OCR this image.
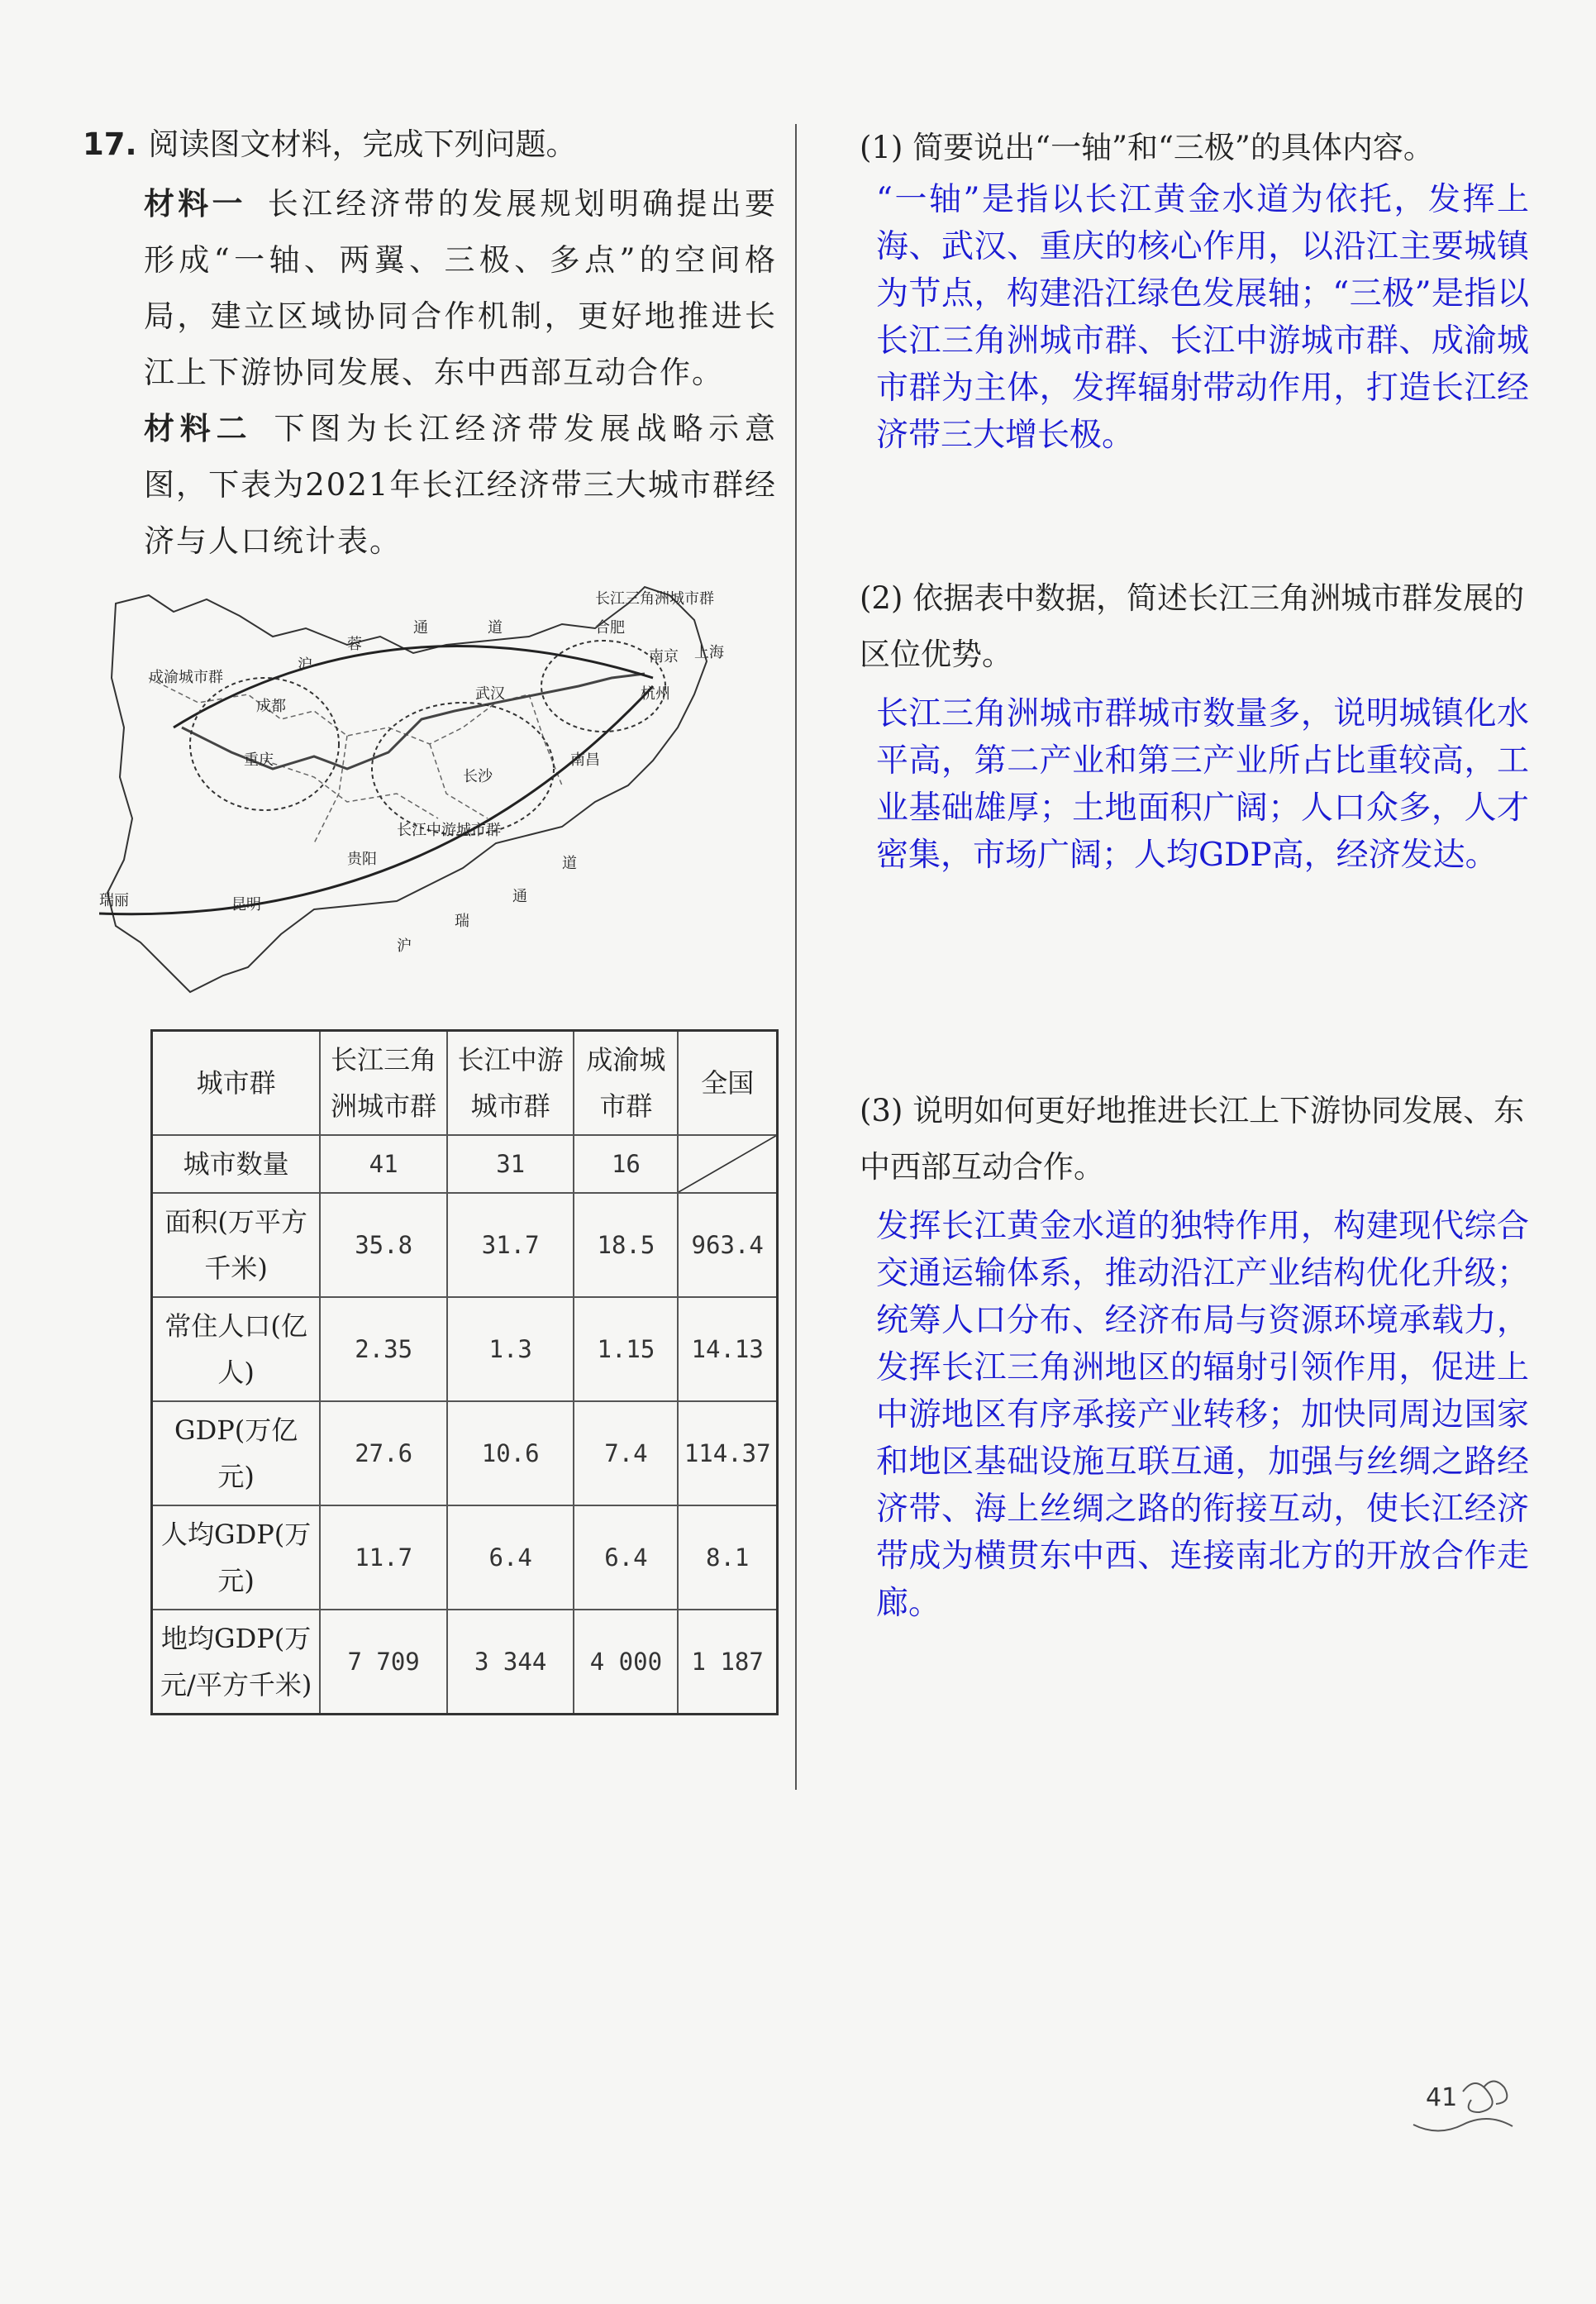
17. 阅读图文材料，完成下列问题。
材料一 长江经济带的发展规划明确提出要形成“一轴、两翼、三极、多点”的空间格局，建立区域协同合作机制，更好地推进长江上下游协同发展、东中西部互动合作。
材料二 下图为长江经济带发展战略示意图，下表为2021年长江经济带三大城市群经济与人口统计表。
长江三角洲城市群
成渝城市群
长江中游城市群
沪
蓉
通	道
沪
瑞
通
道
成都
重庆
贵阳
昆明
瑞丽
武汉
长沙
南昌
合肥
南京
杭州
上海
城市群	长江三角洲城市群	长江中游城市群	成渝城市群	全国
城市数量	41	31	16	

面积(万平方千米)	35.8	31.7	18.5	963.4
常住人口(亿人)	2.35	1.3	1.15	14.13
GDP(万亿元)	27.6	10.6	7.4	114.37
人均GDP(万元)	11.7	6.4	6.4	8.1
地均GDP(万元/平方千米)	7 709	3 344	4 000	1 187
(1) 简要说出“一轴”和“三极”的具体内容。
“一轴”是指以长江黄金水道为依托，发挥上海、武汉、重庆的核心作用，以沿江主要城镇为节点，构建沿江绿色发展轴；“三极”是指以长江三角洲城市群、长江中游城市群、成渝城市群为主体，发挥辐射带动作用，打造长江经济带三大增长极。
(2) 依据表中数据，简述长江三角洲城市群发展的区位优势。
长江三角洲城市群城市数量多，说明城镇化水平高，第二产业和第三产业所占比重较高，工业基础雄厚；土地面积广阔；人口众多，人才密集，市场广阔；人均GDP高，经济发达。
(3) 说明如何更好地推进长江上下游协同发展、东中西部互动合作。
发挥长江黄金水道的独特作用，构建现代综合交通运输体系，推动沿江产业结构优化升级；统筹人口分布、经济布局与资源环境承载力，发挥长江三角洲地区的辐射引领作用，促进上中游地区有序承接产业转移；加快同周边国家和地区基础设施互联互通，加强与丝绸之路经济带、海上丝绸之路的衔接互动，使长江经济带成为横贯东中西、连接南北方的开放合作走廊。
41
